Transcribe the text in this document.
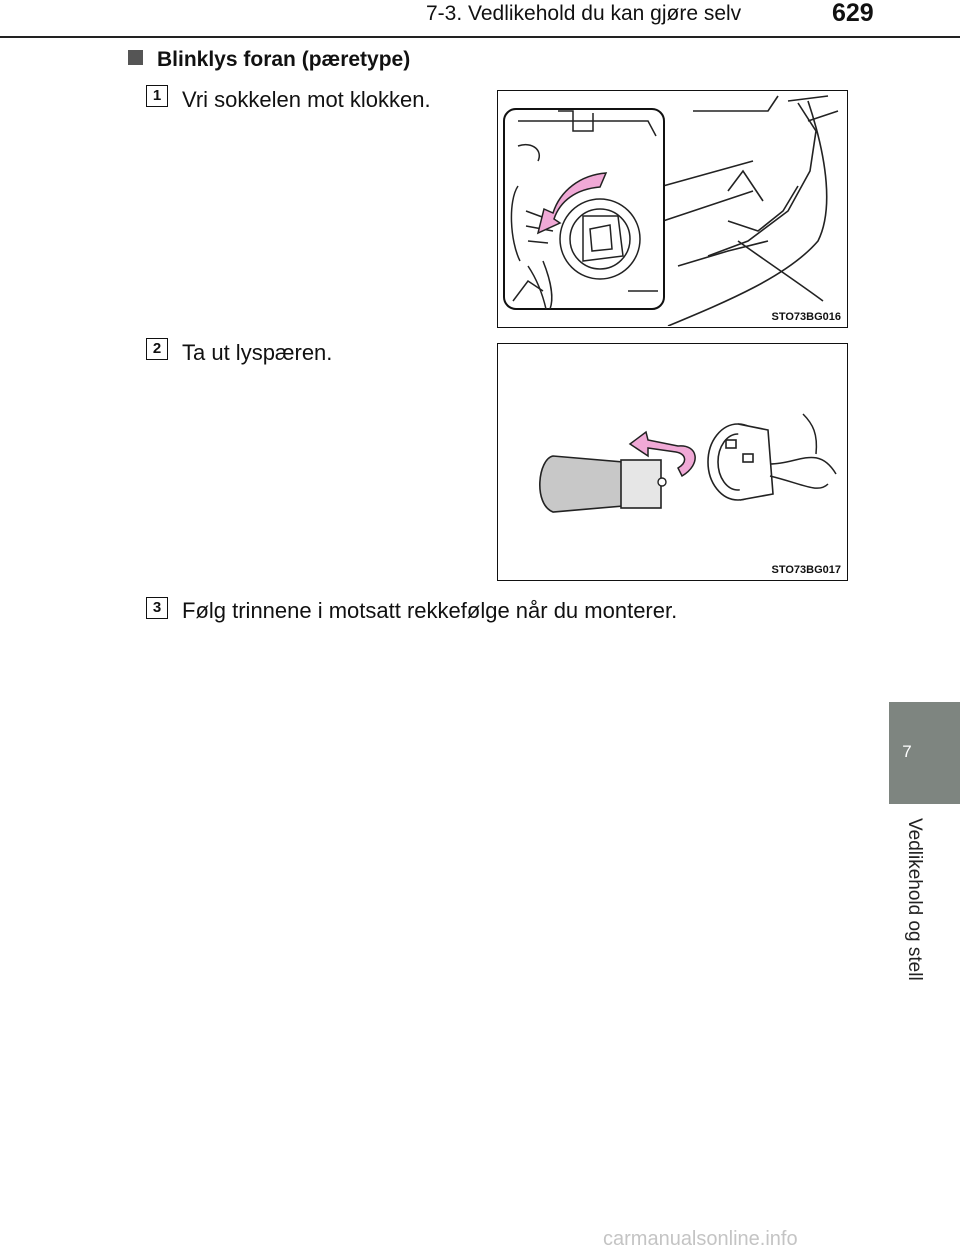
7-3. Vedlikehold du kan gjøre selv	629
7
Vedlikehold og stell
Blinklys foran (pæretype)
1 Vri sokkelen mot klokken.
STO73BG016
2 Ta ut lyspæren.
STO73BG017
3 Følg trinnene i motsatt rekkefølge når du monterer.
carmanualsonline.info
